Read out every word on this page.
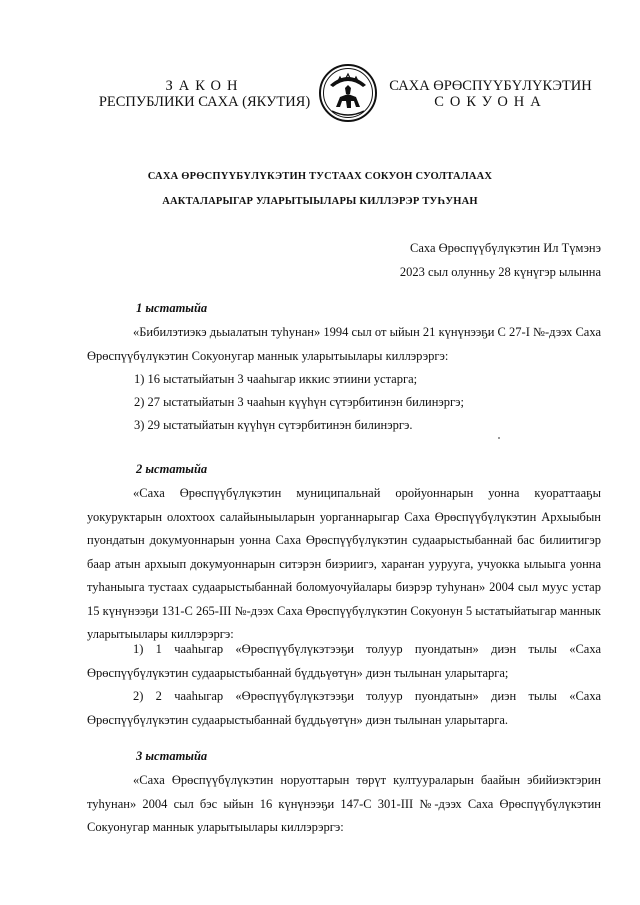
ЗАКОН
РЕСПУБЛИКИ САХА (ЯКУТИЯ)
САХА ӨРӨСПҮҮБҮЛҮКЭТИН
СОКУОНА
САХА ӨРӨСПҮҮБҮЛҮКЭТИН ТУСТААХ СОКУОН СУОЛТАЛААХ
ААКТАЛАРЫГАР УЛАРЫТЫЫЛАРЫ КИЛЛЭРЭР ТУҺУНАН
Саха Өрөспүүбүлүкэтин Ил Түмэнэ
2023 сыл олунньу 28 күнүгэр ылынна
1 ыстатыйа
«Бибилэтиэкэ дьыалатын туһунан» 1994 сыл от ыйын 21 күнүнээҕи С 27-I №-дээх Саха Өрөспүүбүлүкэтин Сокуонугар маннык уларытыылары киллэрэргэ:
1) 16 ыстатыйатын 3 чааһыгар иккис этиини устарга;
2) 27 ыстатыйатын 3 чааһын күүһүн сүтэрбитинэн билинэргэ;
3) 29 ыстатыйатын күүһүн сүтэрбитинэн билинэргэ.
2 ыстатыйа
«Саха Өрөспүүбүлүкэтин муниципальнай оройуоннарын уонна куораттааҕы уокуруктарын олохтоох салайыныыларын уорганнарыгар Саха Өрөспүүбүлүкэтин Архыыбын пуондатын докумуоннарын уонна Саха Өрөспүүбүлүкэтин судаарыстыбаннай бас билиитигэр баар атын архыып докумуоннарын ситэрэн биэриигэ, хараҥан уурууга, учуокка ылыыга уонна туһаныыга тустаах судаарыстыбаннай боломуочуйалары биэрэр туһунан» 2004 сыл муус устар 15 күнүнээҕи 131-С 265-III №-дээх Саха Өрөспүүбүлүкэтин Сокуонун 5 ыстатыйатыгар маннык уларытыылары киллэрэргэ:
1) 1 чааһыгар «Өрөспүүбүлүкэтээҕи толуур пуондатын» диэн тылы «Саха Өрөспүүбүлүкэтин судаарыстыбаннай бүддьүөтүн» диэн тылынан уларытарга;
2) 2 чааһыгар «Өрөспүүбүлүкэтээҕи толуур пуондатын» диэн тылы «Саха Өрөспүүбүлүкэтин судаарыстыбаннай бүддьүөтүн» диэн тылынан уларытарга.
3 ыстатыйа
«Саха Өрөспүүбүлүкэтин норуоттарын төрүт култуураларын баайын эбийиэктэрин туһунан» 2004 сыл бэс ыйын 16 күнүнээҕи 147-С 301-III №-дээх Саха Өрөспүүбүлүкэтин Сокуонугар маннык уларытыылары киллэрэргэ:
